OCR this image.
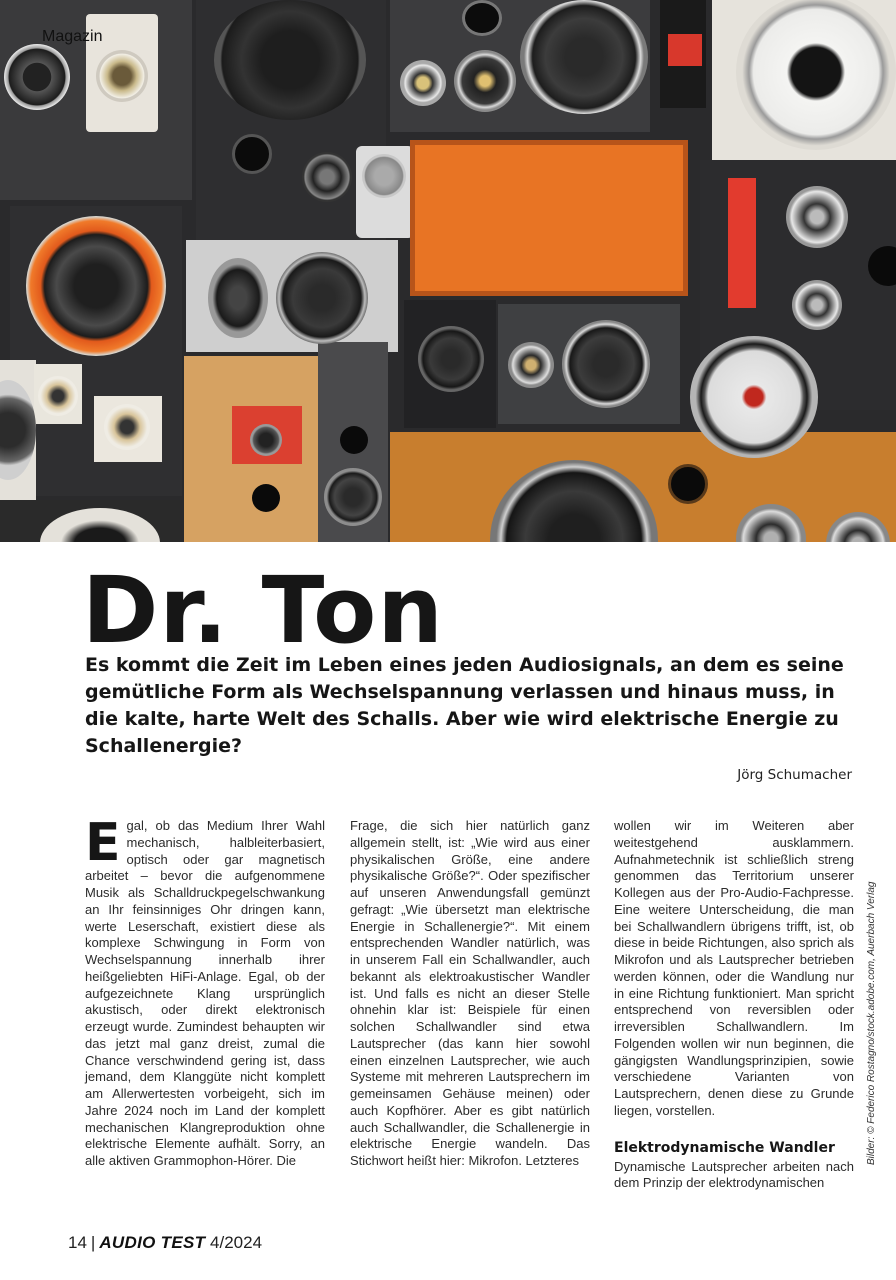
Magazin
Dr. Ton

Es kommt die Zeit im Leben eines jeden Audiosignals, an dem es seine gemütliche Form als Wechselspannung verlassen und hinaus muss, in die kalte, harte Welt des Schalls. Aber wie wird elektrische Energie zu Schallenergie?

Jörg Schumacher
E gal, ob das Medium Ihrer Wahl mechanisch, halbleiterbasiert, optisch oder gar magnetisch arbeitet – bevor die aufgenommene Musik als Schalldruckpegelschwankung an Ihr feinsinniges Ohr dringen kann, werte Leserschaft, existiert diese als komplexe Schwingung in Form von Wechselspannung innerhalb ihrer heißgeliebten HiFi-Anlage. Egal, ob der aufgezeichnete Klang ursprünglich akustisch, oder direkt elektronisch erzeugt wurde. Zumindest behaupten wir das jetzt mal ganz dreist, zumal die Chance verschwindend gering ist, dass jemand, dem Klanggüte nicht komplett am Allerwertesten vorbeigeht, sich im Jahre 2024 noch im Land der komplett mechanischen Klangreproduktion ohne elektrische Elemente aufhält. Sorry, an alle aktiven Grammophon-Hörer. Die

Frage, die sich hier natürlich ganz allgemein stellt, ist: „Wie wird aus einer physikalischen Größe, eine andere physikalische Größe?“. Oder spezifischer auf unseren Anwendungsfall gemünzt gefragt: „Wie übersetzt man elektrische Energie in Schallenergie?“. Mit einem entsprechenden Wandler natürlich, was in unserem Fall ein Schallwandler, auch bekannt als elektroakustischer Wandler ist. Und falls es nicht an dieser Stelle ohnehin klar ist: Beispiele für einen solchen Schallwandler sind etwa Lautsprecher (das kann hier sowohl einen einzelnen Lautsprecher, wie auch Systeme mit mehreren Lautsprechern im gemeinsamen Gehäuse meinen) oder auch Kopfhörer. Aber es gibt natürlich auch Schallwandler, die Schallenergie in elektrische Energie wandeln. Das Stichwort heißt hier: Mikrofon. Letzteres

wollen wir im Weiteren aber weitestgehend ausklammern. Aufnahmetechnik ist schließlich streng genommen das Territorium unserer Kollegen aus der Pro-Audio-Fachpresse. Eine weitere Unterscheidung, die man bei Schallwandlern übrigens trifft, ist, ob diese in beide Richtungen, also sprich als Mikrofon und als Lautsprecher betrieben werden können, oder die Wandlung nur in eine Richtung funktioniert. Man spricht entsprechend von reversiblen oder irreversiblen Schallwandlern. Im Folgenden wollen wir nun beginnen, die gängigsten Wandlungsprinzipien, sowie verschiedene Varianten von Lautsprechern, denen diese zu Grunde liegen, vorstellen.

Elektrodynamische Wandler

Dynamische Lautsprecher arbeiten nach dem Prinzip der elektrodynamischen

Bilder: © Federico Rostagno/stock.adobe.com, Auerbach Verlag
14 | AUDIO TEST 4/2024
